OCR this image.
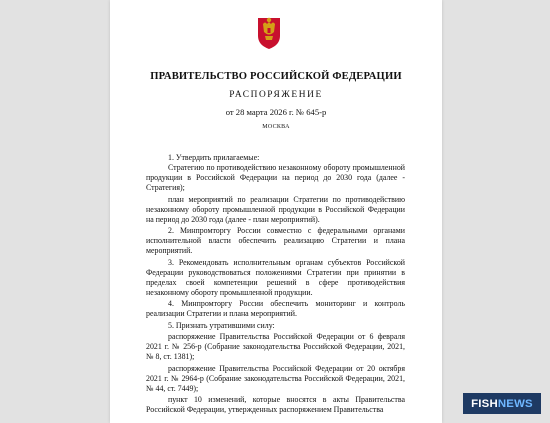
ПРАВИТЕЛЬСТВО РОССИЙСКОЙ ФЕДЕРАЦИИ
РАСПОРЯЖЕНИЕ
от 28 марта 2026 г. № 645-р
МОСКВА

1. Утвердить прилагаемые:

Стратегию по противодействию незаконному обороту промышленной продукции в Российской Федерации на период до 2030 года (далее - Стратегия);

план мероприятий по реализации Стратегии по противодействию незаконному обороту промышленной продукции в Российской Федерации на период до 2030 года (далее - план мероприятий).

2. Минпромторгу России совместно с федеральными органами исполнительной власти обеспечить реализацию Стратегии и плана мероприятий.

3. Рекомендовать исполнительным органам субъектов Российской Федерации руководствоваться положениями Стратегии при принятии в пределах своей компетенции решений в сфере противодействия незаконному обороту промышленной продукции.

4. Минпромторгу России обеспечить мониторинг и контроль реализации Стратегии и плана мероприятий.

5. Признать утратившими силу:

распоряжение Правительства Российской Федерации от 6 февраля 2021 г. № 256-р (Собрание законодательства Российской Федерации, 2021, № 8, ст. 1381);

распоряжение Правительства Российской Федерации от 20 октября 2021 г. № 2964-р (Собрание законодательства Российской Федерации, 2021, № 44, ст. 7449);

пункт 10 изменений, которые вносятся в акты Правительства Российской Федерации, утвержденных распоряжением Правительства

FISH NEWS
